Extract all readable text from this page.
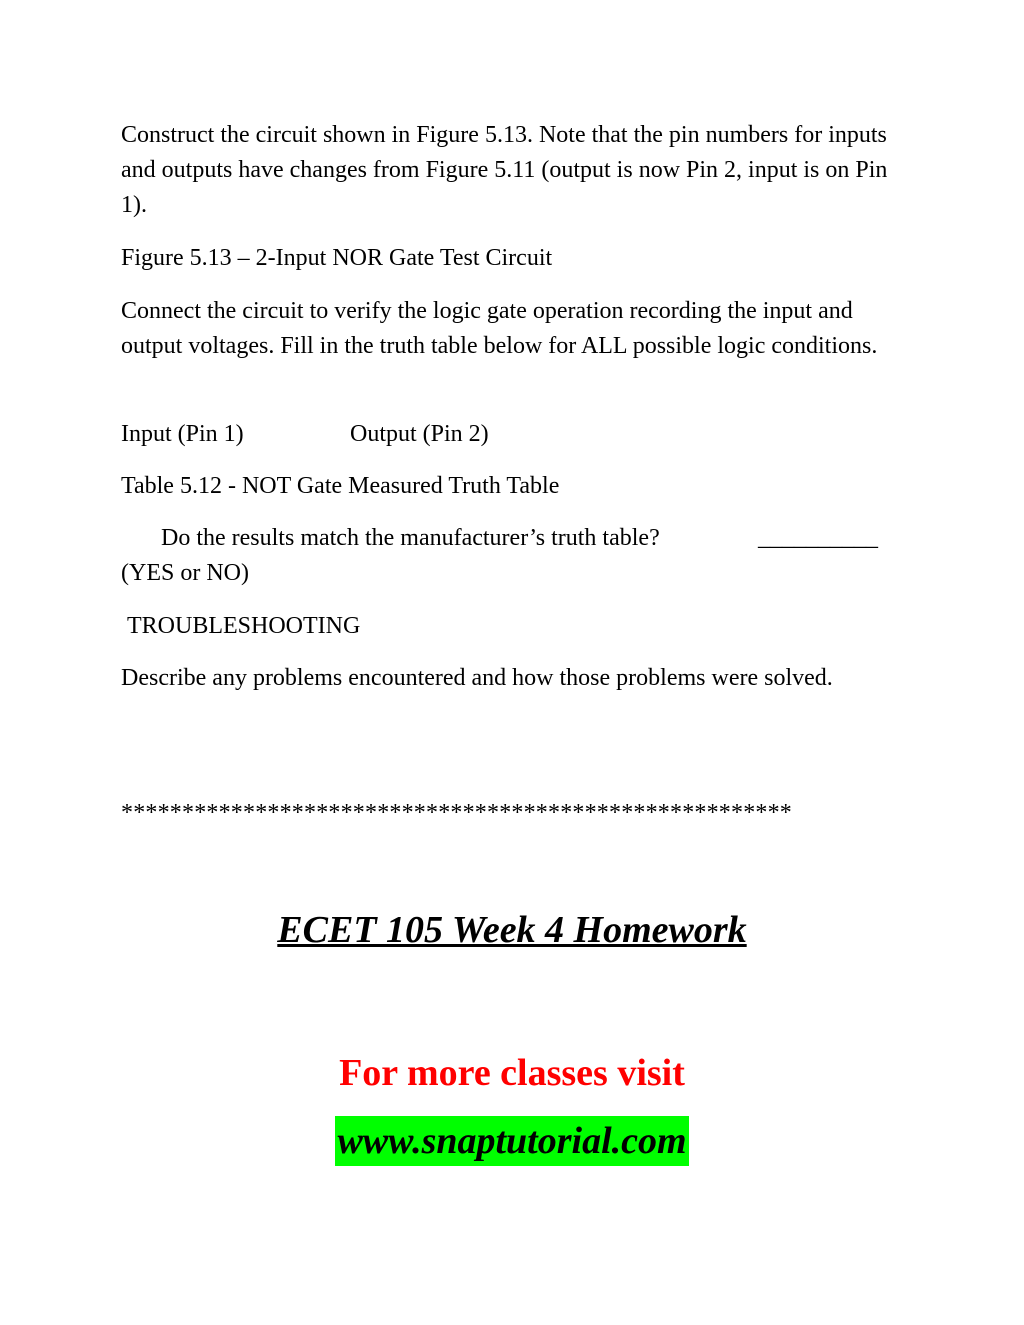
Construct the circuit shown in Figure 5.13. Note that the pin numbers for inputs and outputs have changes from Figure 5.11 (output is now Pin 2, input is on Pin 1).

Figure 5.13 – 2-Input NOR Gate Test Circuit

Connect the circuit to verify the logic gate operation recording the input and output voltages. Fill in the truth table below for ALL possible logic conditions.

Input (Pin 1)	Output (Pin 2)

Table 5.12 - NOT Gate Measured Truth Table

Do the results match the manufacturer’s truth table?	__________

(YES or NO)

TROUBLESHOOTING

Describe any problems encountered and how those problems were solved.

*******************************************************
ECET 105 Week 4 Homework
For more classes visit
www.snaptutorial.com
